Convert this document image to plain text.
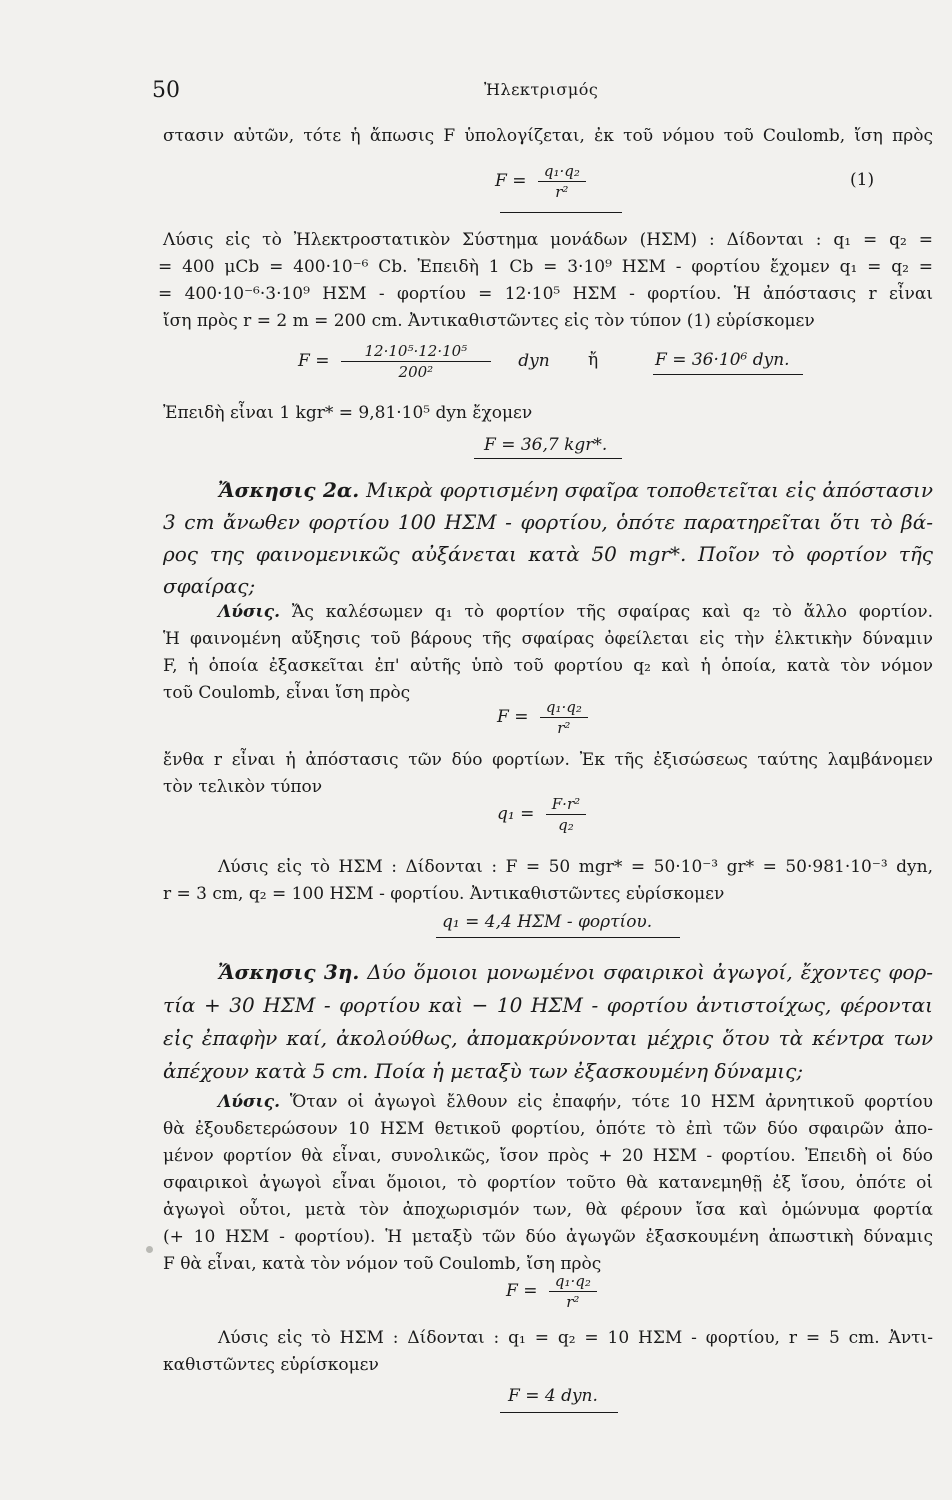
50	Ἠλεκτρισμός
στασιν αὐτῶν, τότε ἡ ἄπωσις F ὑπολογίζεται, ἐκ τοῦ νόμου τοῦ Coulomb, ἴση πρὸς
$F = \frac{\text{q₁·q₂}}{\text{r²}}$	(1)
Λύσις εἰς τὸ Ἠλεκτροστατικὸν Σύστημα μονάδων (ΗΣΜ) : Δίδονται : q₁ = q₂ =
= 400 μCb = 400·10⁻⁶ Cb. Ἐπειδὴ 1 Cb = 3·10⁹ ΗΣΜ - φορτίου ἔχομεν q₁ = q₂ =
= 400·10⁻⁶·3·10⁹ ΗΣΜ - φορτίου = 12·10⁵ ΗΣΜ - φορτίου. Ἡ ἀπόστασις r εἶναι
ἴση πρὸς r = 2 m = 200 cm. Ἀντικαθιστῶντες εἰς τὸν τύπον (1) εὑρίσκομεν
$F = \frac{\text{12·10⁵·12·10⁵}}{\text{200²}}$ dyn ἤ	F = 36·10⁶ dyn.
Ἐπειδὴ εἶναι 1 kgr* = 9,81·10⁵ dyn ἔχομεν
F = 36,7 kgr*.
Ἄσκησις 2α. Μικρὰ φορτισμένη σφαῖρα τοποθετεῖται εἰς ἀπόστασιν
3 cm ἄνωθεν φορτίου 100 ΗΣΜ - φορτίου, ὁπότε παρατηρεῖται ὅτι τὸ βά-
ρος της φαινομενικῶς αὐξάνεται κατὰ 50 mgr*. Ποῖον τὸ φορτίον τῆς
σφαίρας;
Λύσις. Ἄς καλέσωμεν q₁ τὸ φορτίον τῆς σφαίρας καὶ q₂ τὸ ἄλλο φορτίον.
Ἡ φαινομένη αὔξησις τοῦ βάρους τῆς σφαίρας ὀφείλεται εἰς τὴν ἑλκτικὴν δύναμιν
F, ἡ ὁποία ἐξασκεῖται ἐπ' αὐτῆς ὑπὸ τοῦ φορτίου q₂ καὶ ἡ ὁποία, κατὰ τὸν νόμον
τοῦ Coulomb, εἶναι ἴση πρὸς
$F = \frac{\text{q₁·q₂}}{\text{r²}}$
ἔνθα r εἶναι ἡ ἀπόστασις τῶν δύο φορτίων. Ἐκ τῆς ἐξισώσεως ταύτης λαμβάνομεν
τὸν τελικὸν τύπον
$q_1 = \frac{\text{F·r²}}{\text{q₂}}$
Λύσις εἰς τὸ ΗΣΜ : Δίδονται : F = 50 mgr* = 50·10⁻³ gr* = 50·981·10⁻³ dyn,
r = 3 cm, q₂ = 100 ΗΣΜ - φορτίου. Ἀντικαθιστῶντες εὑρίσκομεν
q₁ = 4,4 ΗΣΜ - φορτίου.
Ἄσκησις 3η. Δύο ὅμοιοι μονωμένοι σφαιρικοὶ ἀγωγοί, ἔχοντες φορ-
τία + 30 ΗΣΜ - φορτίου καὶ − 10 ΗΣΜ - φορτίου ἀντιστοίχως, φέρονται
εἰς ἐπαφὴν καί, ἀκολούθως, ἀπομακρύνονται μέχρις ὅτου τὰ κέντρα των
ἀπέχουν κατὰ 5 cm. Ποία ἡ μεταξὺ των ἐξασκουμένη δύναμις;
Λύσις. Ὅταν οἱ ἀγωγοὶ ἔλθουν εἰς ἐπαφήν, τότε 10 ΗΣΜ ἀρνητικοῦ φορτίου
θὰ ἐξουδετερώσουν 10 ΗΣΜ θετικοῦ φορτίου, ὁπότε τὸ ἐπὶ τῶν δύο σφαιρῶν ἀπο-
μένον φορτίον θὰ εἶναι, συνολικῶς, ἴσον πρὸς + 20 ΗΣΜ - φορτίου. Ἐπειδὴ οἱ δύο
σφαιρικοὶ ἀγωγοὶ εἶναι ὅμοιοι, τὸ φορτίον τοῦτο θὰ κατανεμηθῇ ἐξ ἴσου, ὁπότε οἱ
ἀγωγοὶ οὗτοι, μετὰ τὸν ἀποχωρισμόν των, θὰ φέρουν ἴσα καὶ ὁμώνυμα φορτία
(+ 10 ΗΣΜ - φορτίου). Ἡ μεταξὺ τῶν δύο ἀγωγῶν ἐξασκουμένη ἀπωστικὴ δύναμις
F θὰ εἶναι, κατὰ τὸν νόμον τοῦ Coulomb, ἴση πρὸς
$F = \frac{\text{q₁·q₂}}{\text{r²}}$
Λύσις εἰς τὸ ΗΣΜ : Δίδονται : q₁ = q₂ = 10 ΗΣΜ - φορτίου, r = 5 cm. Ἀντι-
καθιστῶντες εὑρίσκομεν
F = 4 dyn.
